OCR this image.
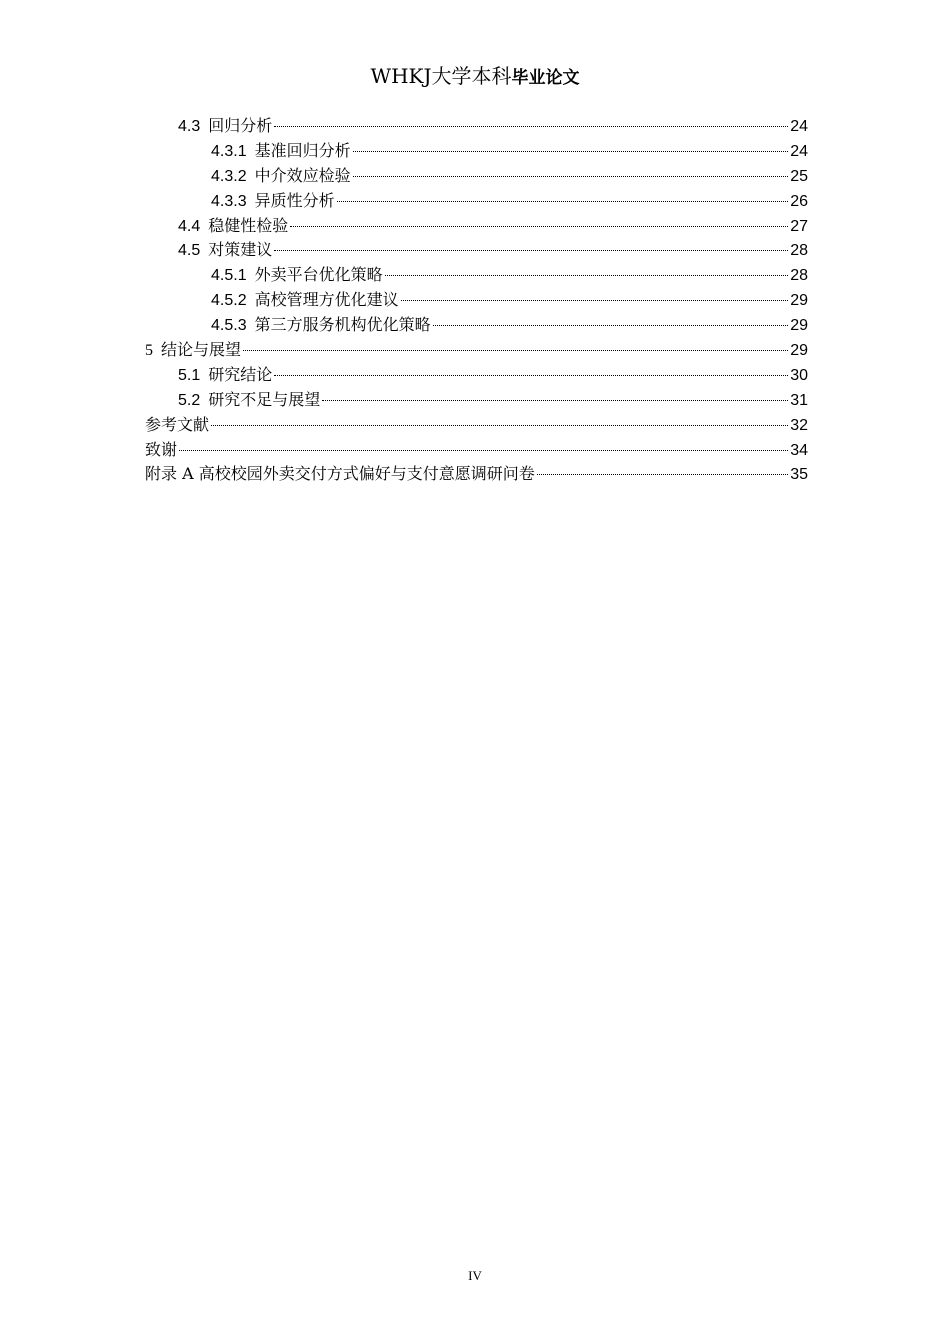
WHKJ大学本科毕业论文
4.3 回归分析	24
4.3.1 基准回归分析	24
4.3.2 中介效应检验	25
4.3.3 异质性分析	26
4.4 稳健性检验	27
4.5 对策建议	28
4.5.1 外卖平台优化策略	28
4.5.2 高校管理方优化建议	29
4.5.3 第三方服务机构优化策略	29
5 结论与展望	29
5.1 研究结论	30
5.2 研究不足与展望	31
参考文献	32
致谢	34
附录 A 高校校园外卖交付方式偏好与支付意愿调研问卷	35
IV
